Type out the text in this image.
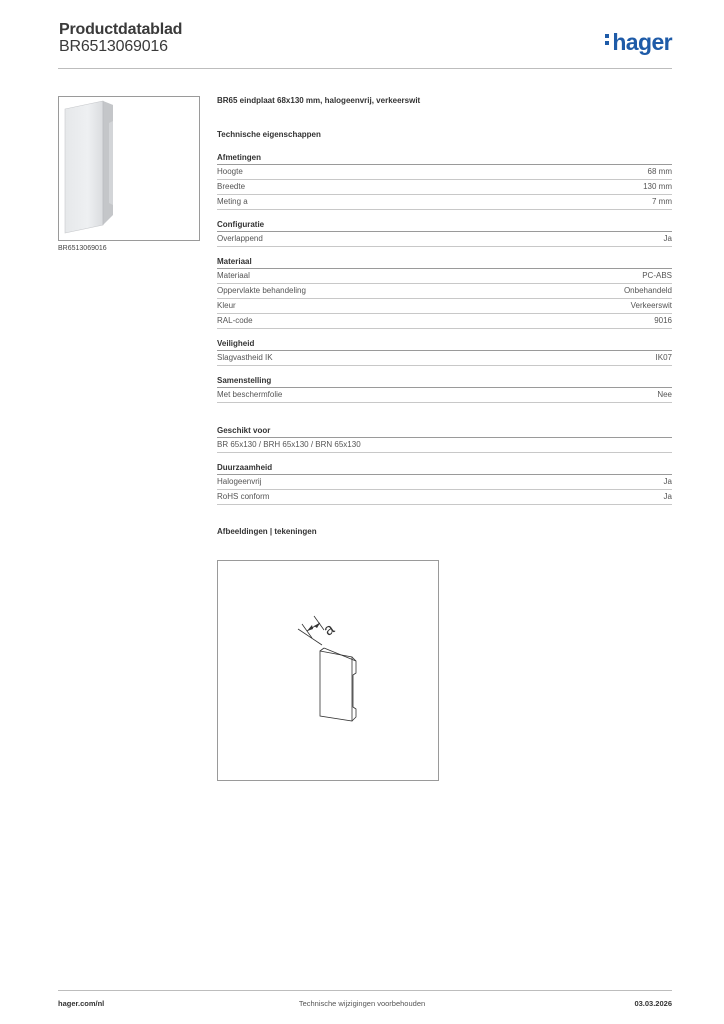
Productdatablad
BR6513069016	hager
BR6513069016
BR65 eindplaat 68x130 mm, halogeenvrij, verkeerswit
Technische eigenschappen
Afmetingen
Hoogte	68 mm
Breedte	130 mm
Meting a	7 mm
Configuratie
Overlappend	Ja
Materiaal
Materiaal	PC-ABS
Oppervlakte behandeling	Onbehandeld
Kleur	Verkeerswit
RAL-code	9016
Veiligheid
Slagvastheid IK	IK07
Samenstelling
Met beschermfolie	Nee
Geschikt voor
BR 65x130 / BRH 65x130 / BRN 65x130
Duurzaamheid
Halogeenvrij	Ja
RoHS conform	Ja
Afbeeldingen | tekeningen
a
hager.com/nl	Technische wijzigingen voorbehouden	03.03.2026
